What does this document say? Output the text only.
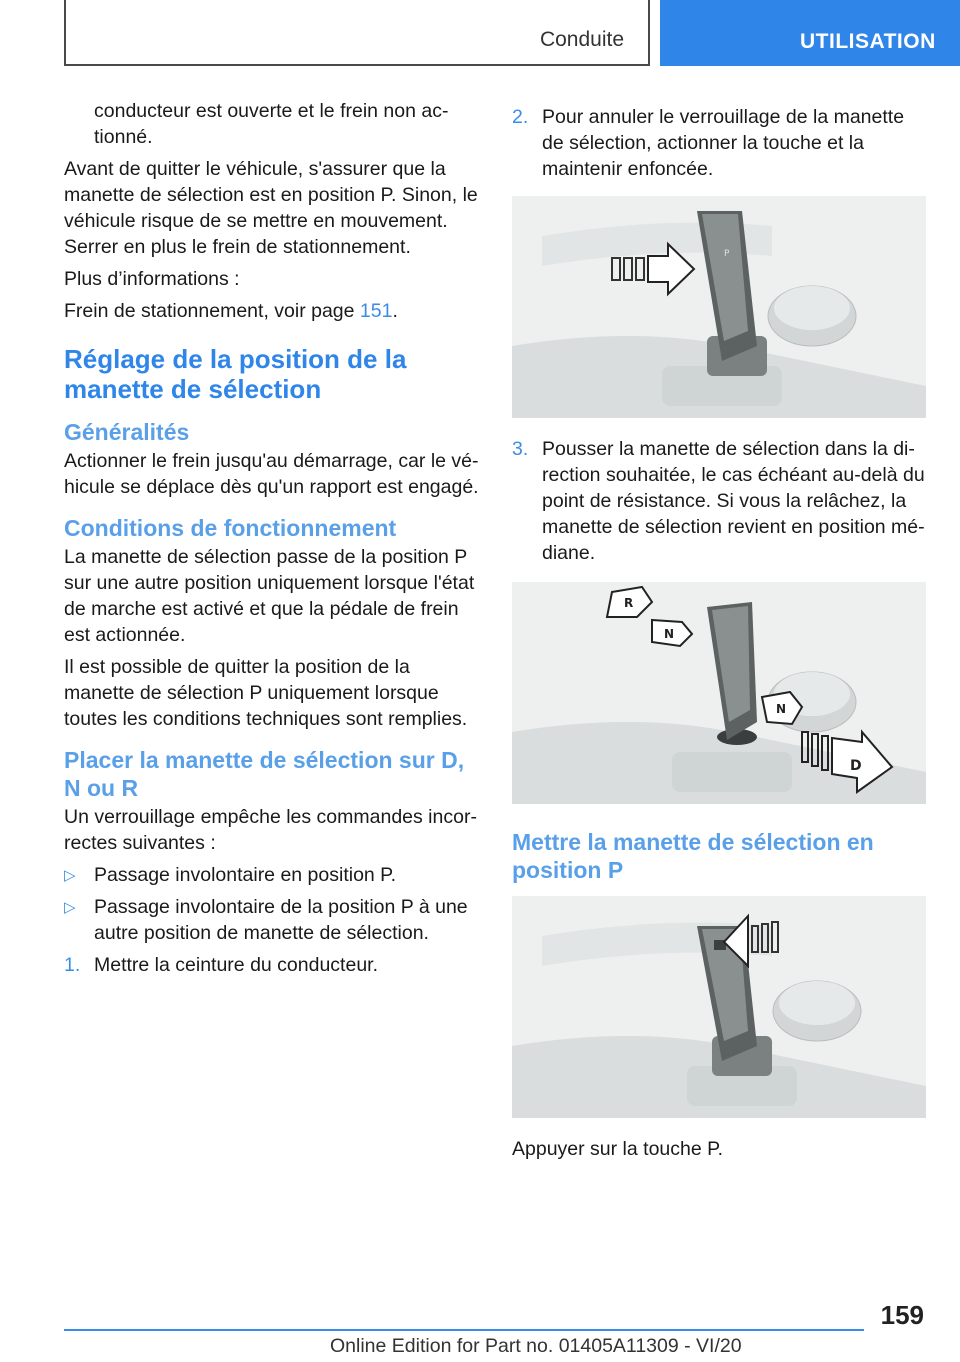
Conduite	UTILISATION

conducteur est ouverte et le frein non actionné.

Avant de quitter le véhicule, s'assurer que la manette de sélection est en position P. Sinon, le véhicule risque de se mettre en mouvement. Serrer en plus le frein de stationnement.

Plus d’informations :

Frein de stationnement, voir page 151.

Réglage de la position de la manette de sélection
Généralités

Actionner le frein jusqu'au démarrage, car le véhicule se déplace dès qu'un rapport est engagé.

Conditions de fonctionnement

La manette de sélection passe de la position P sur une autre position uniquement lorsque l'état de marche est activé et que la pédale de frein est actionnée.

Il est possible de quitter la position de la manette de sélection P uniquement lorsque toutes les conditions techniques sont remplies.

Placer la manette de sélection sur D, N ou R

Un verrouillage empêche les commandes incorrectes suivantes :

▷ Passage involontaire en position P.
▷ Passage involontaire de la position P à une autre position de manette de sélection.
1. Mettre la ceinture du conducteur.
2. Pour annuler le verrouillage de la manette de sélection, actionner la touche et la maintenir enfoncée.
P
3. Pousser la manette de sélection dans la direction souhaitée, le cas échéant au-delà du point de résistance. Si vous la relâchez, la manette de sélection revient en position médiane.
R
N
N
D
Mettre la manette de sélection en position P

Appuyer sur la touche P.

159
Online Edition for Part no. 01405A11309 - VI/20
